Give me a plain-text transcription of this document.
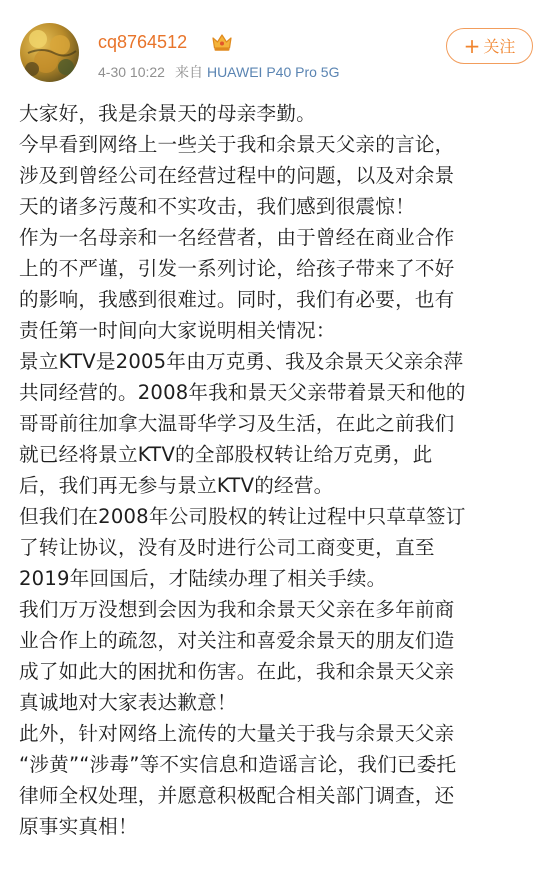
cq8764512
4-30 10:22 来自 HUAWEI P40 Pro 5G
+ 关注
大家好，我是余景天的母亲李勤。
今早看到网络上一些关于我和余景天父亲的言论，
涉及到曾经公司在经营过程中的问题，以及对余景
天的诸多污蔑和不实攻击，我们感到很震惊！
作为一名母亲和一名经营者，由于曾经在商业合作
上的不严谨，引发一系列讨论，给孩子带来了不好
的影响，我感到很难过。同时，我们有必要，也有
责任第一时间向大家说明相关情况：
景立KTV是2005年由万克勇、我及余景天父亲余萍
共同经营的。2008年我和景天父亲带着景天和他的
哥哥前往加拿大温哥华学习及生活，在此之前我们
就已经将景立KTV的全部股权转让给万克勇，此
后，我们再无参与景立KTV的经营。
但我们在2008年公司股权的转让过程中只草草签订
了转让协议，没有及时进行公司工商变更，直至
2019年回国后，才陆续办理了相关手续。
我们万万没想到会因为我和余景天父亲在多年前商
业合作上的疏忽，对关注和喜爱余景天的朋友们造
成了如此大的困扰和伤害。在此，我和余景天父亲
真诚地对大家表达歉意！
此外，针对网络上流传的大量关于我与余景天父亲
“涉黄”“涉毒”等不实信息和造谣言论，我们已委托
律师全权处理，并愿意积极配合相关部门调查，还
原事实真相！
